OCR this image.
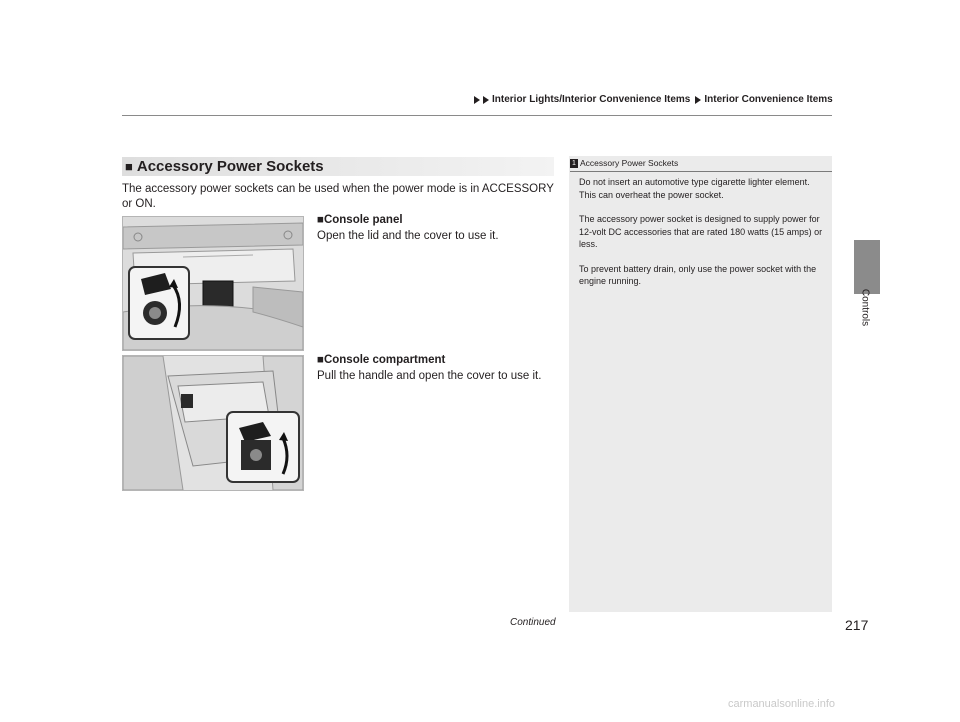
Interior Lights/Interior Convenience Items Interior Convenience Items
Controls
■ Accessory Power Sockets
The accessory power sockets can be used when the power mode is in ACCESSORY or ON.
■Console panel
Open the lid and the cover to use it.
■Console compartment
Pull the handle and open the cover to use it.
1 Accessory Power Sockets

Do not insert an automotive type cigarette lighter element.
This can overheat the power socket.

The accessory power socket is designed to supply power for 12-volt DC accessories that are rated 180 watts (15 amps) or less.

To prevent battery drain, only use the power socket with the engine running.

Continued	217
carmanualsonline.info
